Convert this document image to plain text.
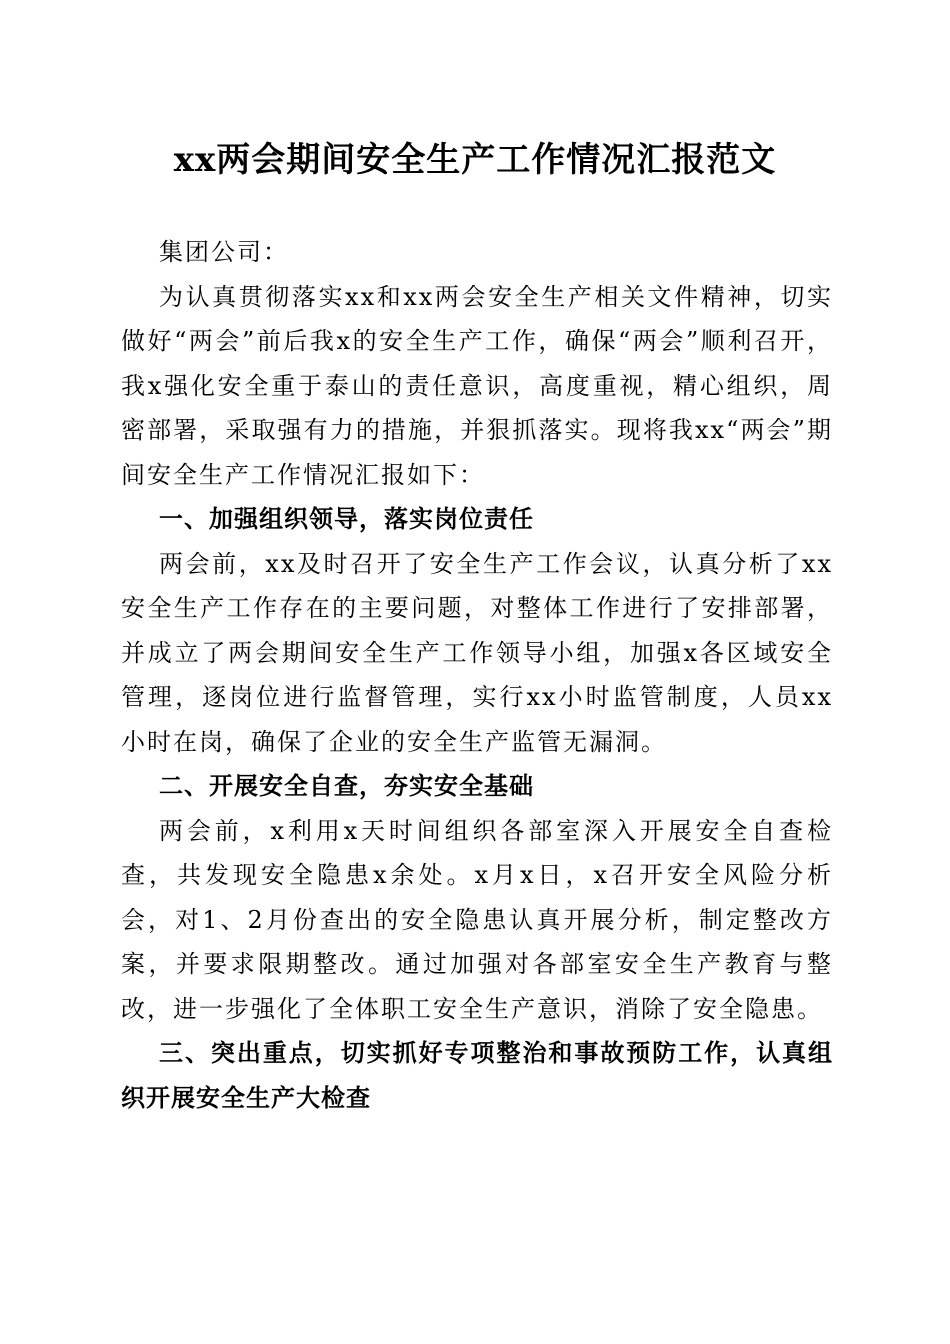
xx两会期间安全生产工作情况汇报范文

集团公司：

为认真贯彻落实xx和xx两会安全生产相关文件精神，切实做好“两会”前后我x的安全生产工作，确保“两会”顺利召开，我x强化安全重于泰山的责任意识，高度重视，精心组织，周密部署，采取强有力的措施，并狠抓落实。现将我xx“两会”期间安全生产工作情况汇报如下：

一、加强组织领导，落实岗位责任

两会前，xx及时召开了安全生产工作会议，认真分析了xx安全生产工作存在的主要问题，对整体工作进行了安排部署，并成立了两会期间安全生产工作领导小组，加强x各区域安全管理，逐岗位进行监督管理，实行xx小时监管制度，人员xx小时在岗，确保了企业的安全生产监管无漏洞。

二、开展安全自查，夯实安全基础

两会前，x利用x天时间组织各部室深入开展安全自查检查，共发现安全隐患x余处。x月x日，x召开安全风险分析会，对1、2月份查出的安全隐患认真开展分析，制定整改方案，并要求限期整改。通过加强对各部室安全生产教育与整改，进一步强化了全体职工安全生产意识，消除了安全隐患。

三、突出重点，切实抓好专项整治和事故预防工作，认真组织开展安全生产大检查
